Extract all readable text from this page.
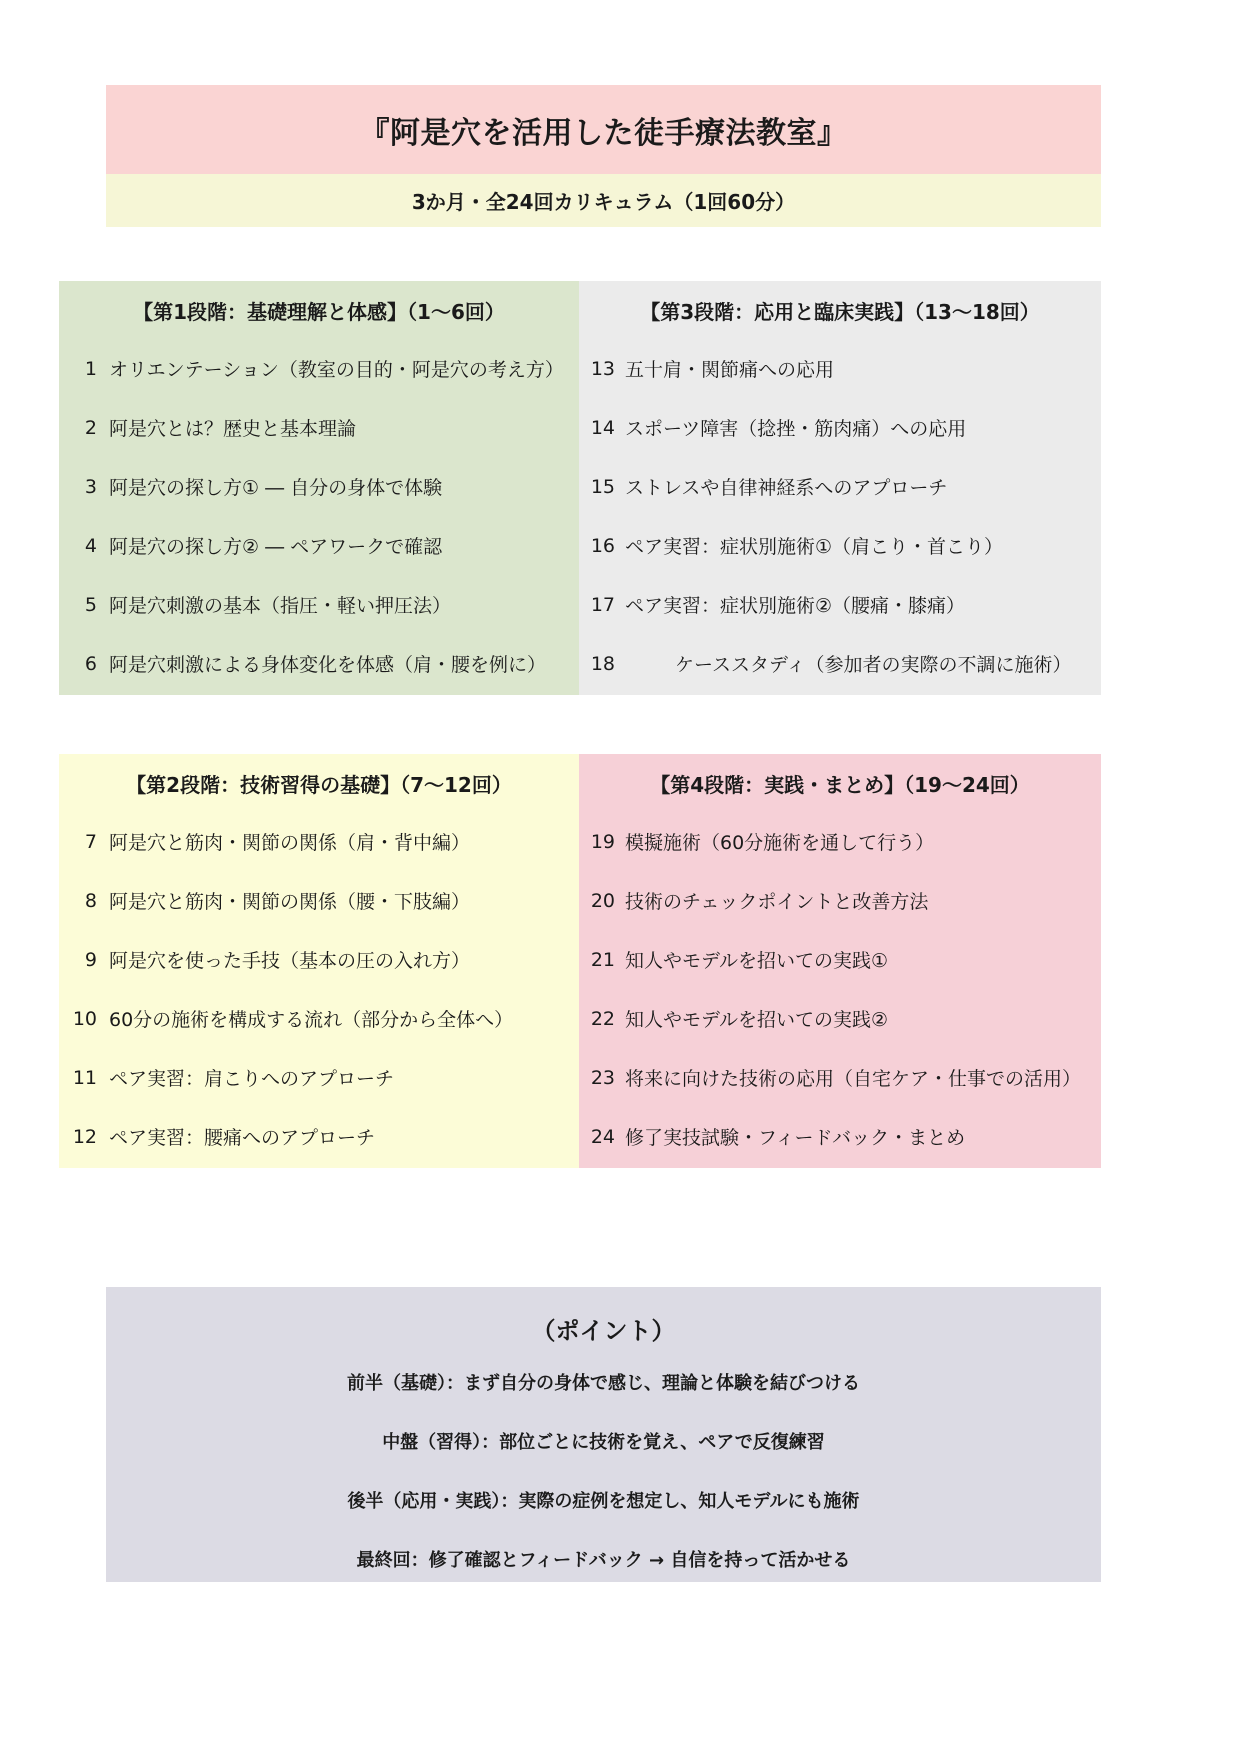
『阿是穴を活用した徒手療法教室』
3か月・全24回カリキュラム（1回60分）
【第1段階：基礎理解と体感】（1～6回）
1 オリエンテーション（教室の目的・阿是穴の考え方）
2 阿是穴とは？歴史と基本理論
3 阿是穴の探し方① ― 自分の身体で体験
4 阿是穴の探し方② ― ペアワークで確認
5 阿是穴刺激の基本（指圧・軽い押圧法）
6 阿是穴刺激による身体変化を体感（肩・腰を例に）
【第3段階：応用と臨床実践】（13～18回）
13 五十肩・関節痛への応用
14 スポーツ障害（捻挫・筋肉痛）への応用
15 ストレスや自律神経系へのアプローチ
16 ペア実習：症状別施術①（肩こり・首こり）
17 ペア実習：症状別施術②（腰痛・膝痛）
18	ケーススタディ（参加者の実際の不調に施術）
【第2段階：技術習得の基礎】（7～12回）
7 阿是穴と筋肉・関節の関係（肩・背中編）
8 阿是穴と筋肉・関節の関係（腰・下肢編）
9 阿是穴を使った手技（基本の圧の入れ方）
10 60分の施術を構成する流れ（部分から全体へ）
11 ペア実習：肩こりへのアプローチ
12 ペア実習：腰痛へのアプローチ
【第4段階：実践・まとめ】（19～24回）
19 模擬施術（60分施術を通して行う）
20 技術のチェックポイントと改善方法
21 知人やモデルを招いての実践①
22 知人やモデルを招いての実践②
23 将来に向けた技術の応用（自宅ケア・仕事での活用）
24 修了実技試験・フィードバック・まとめ
（ポイント）
前半（基礎）：まず自分の身体で感じ、理論と体験を結びつける
中盤（習得）：部位ごとに技術を覚え、ペアで反復練習
後半（応用・実践）：実際の症例を想定し、知人モデルにも施術
最終回：修了確認とフィードバック → 自信を持って活かせる
